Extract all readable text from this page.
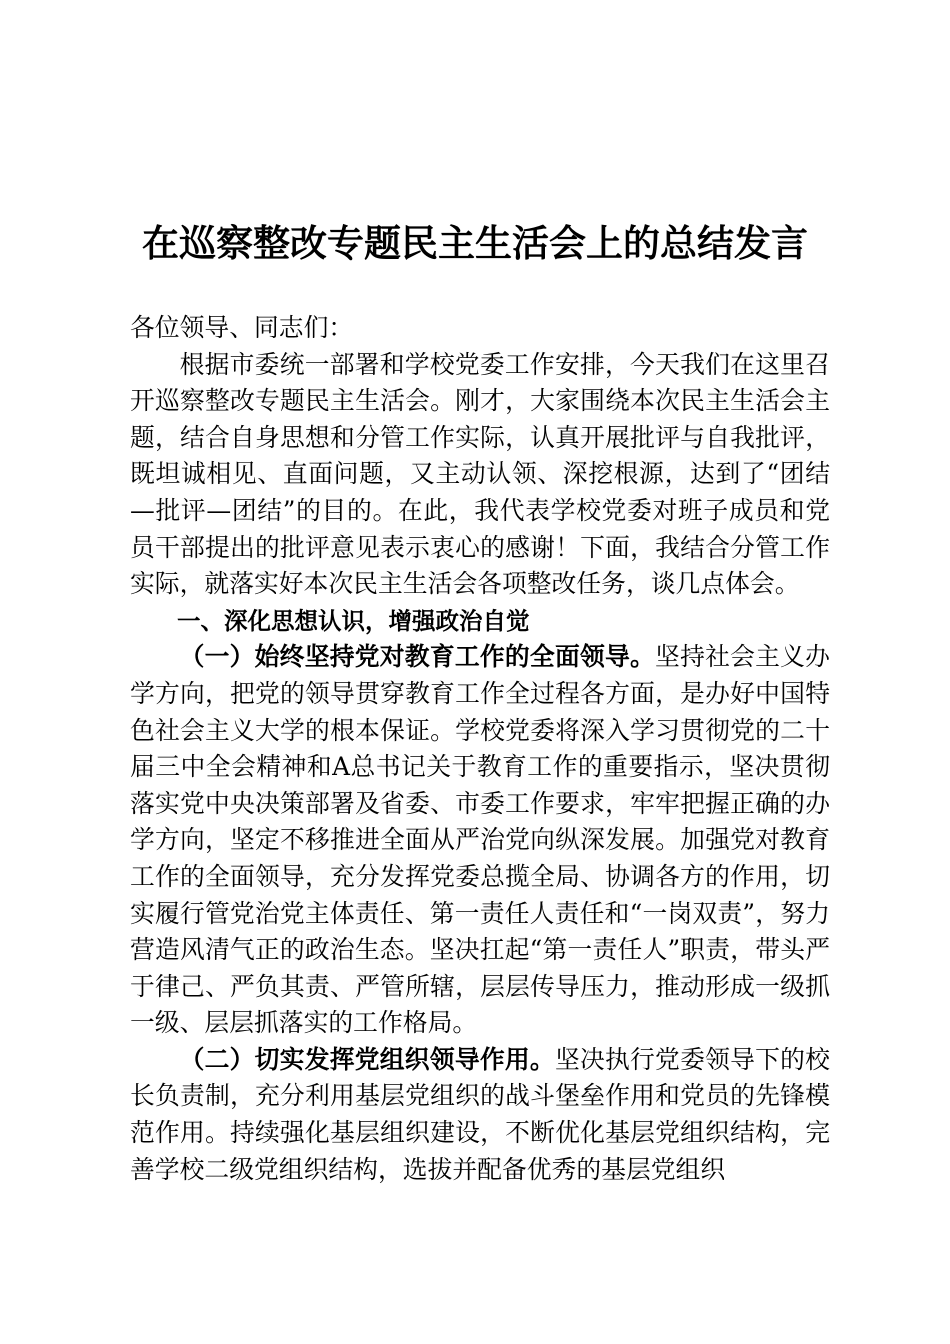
在巡察整改专题民主生活会上的总结发言

各位领导、同志们：

根据市委统一部署和学校党委工作安排，今天我们在这里召开巡察整改专题民主生活会。刚才，大家围绕本次民主生活会主题，结合自身思想和分管工作实际，认真开展批评与自我批评，既坦诚相见、直面问题，又主动认领、深挖根源，达到了“团结—批评—团结”的目的。在此，我代表学校党委对班子成员和党员干部提出的批评意见表示衷心的感谢！下面，我结合分管工作实际，就落实好本次民主生活会各项整改任务，谈几点体会。

一、深化思想认识，增强政治自觉

（一）始终坚持党对教育工作的全面领导。坚持社会主义办学方向，把党的领导贯穿教育工作全过程各方面，是办好中国特色社会主义大学的根本保证。学校党委将深入学习贯彻党的二十届三中全会精神和A总书记关于教育工作的重要指示，坚决贯彻落实党中央决策部署及省委、市委工作要求，牢牢把握正确的办学方向，坚定不移推进全面从严治党向纵深发展。加强党对教育工作的全面领导，充分发挥党委总揽全局、协调各方的作用，切实履行管党治党主体责任、第一责任人责任和“一岗双责”，努力营造风清气正的政治生态。坚决扛起“第一责任人”职责，带头严于律己、严负其责、严管所辖，层层传导压力，推动形成一级抓一级、层层抓落实的工作格局。

（二）切实发挥党组织领导作用。坚决执行党委领导下的校长负责制，充分利用基层党组织的战斗堡垒作用和党员的先锋模范作用。持续强化基层组织建设，不断优化基层党组织结构，完善学校二级党组织结构，选拔并配备优秀的基层党组织
